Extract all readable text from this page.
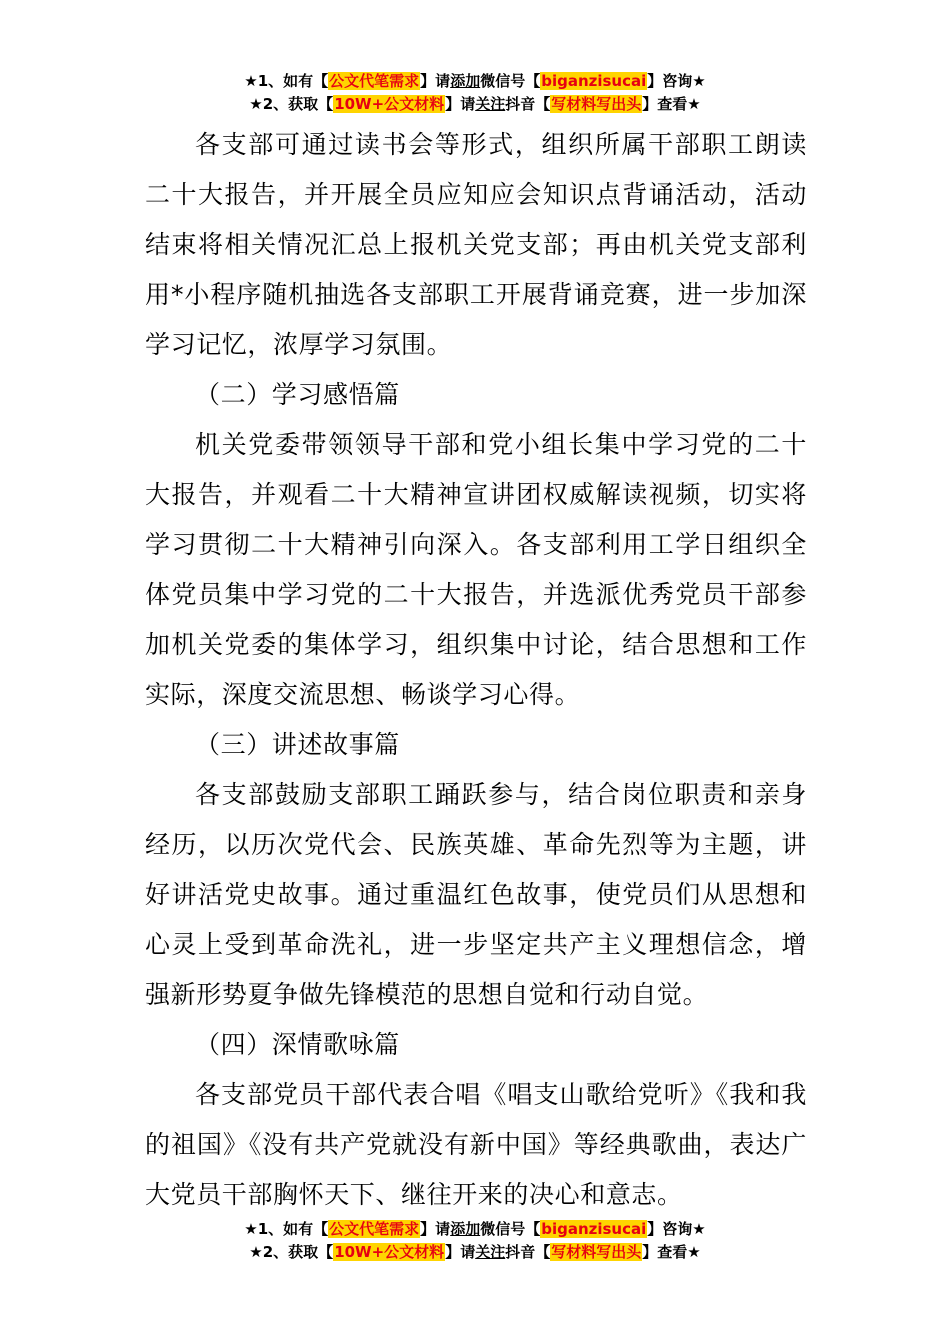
★1、如有【公文代笔需求】请添加微信号【biganzisucai】咨询★
★2、获取【10W+公文材料】请关注抖音【写材料写出头】查看★

各支部可通过读书会等形式，组织所属干部职工朗读二十大报告，并开展全员应知应会知识点背诵活动，活动结束将相关情况汇总上报机关党支部；再由机关党支部利用*小程序随机抽选各支部职工开展背诵竞赛，进一步加深学习记忆，浓厚学习氛围。

（二）学习感悟篇

机关党委带领领导干部和党小组长集中学习党的二十大报告，并观看二十大精神宣讲团权威解读视频，切实将学习贯彻二十大精神引向深入。各支部利用工学日组织全体党员集中学习党的二十大报告，并选派优秀党员干部参加机关党委的集体学习，组织集中讨论，结合思想和工作实际，深度交流思想、畅谈学习心得。

（三）讲述故事篇

各支部鼓励支部职工踊跃参与，结合岗位职责和亲身经历，以历次党代会、民族英雄、革命先烈等为主题，讲好讲活党史故事。通过重温红色故事，使党员们从思想和心灵上受到革命洗礼，进一步坚定共产主义理想信念，增强新形势夏争做先锋模范的思想自觉和行动自觉。

（四）深情歌咏篇

各支部党员干部代表合唱《唱支山歌给党听》《我和我的祖国》《没有共产党就没有新中国》等经典歌曲，表达广大党员干部胸怀天下、继往开来的决心和意志。

★1、如有【公文代笔需求】请添加微信号【biganzisucai】咨询★
★2、获取【10W+公文材料】请关注抖音【写材料写出头】查看★
